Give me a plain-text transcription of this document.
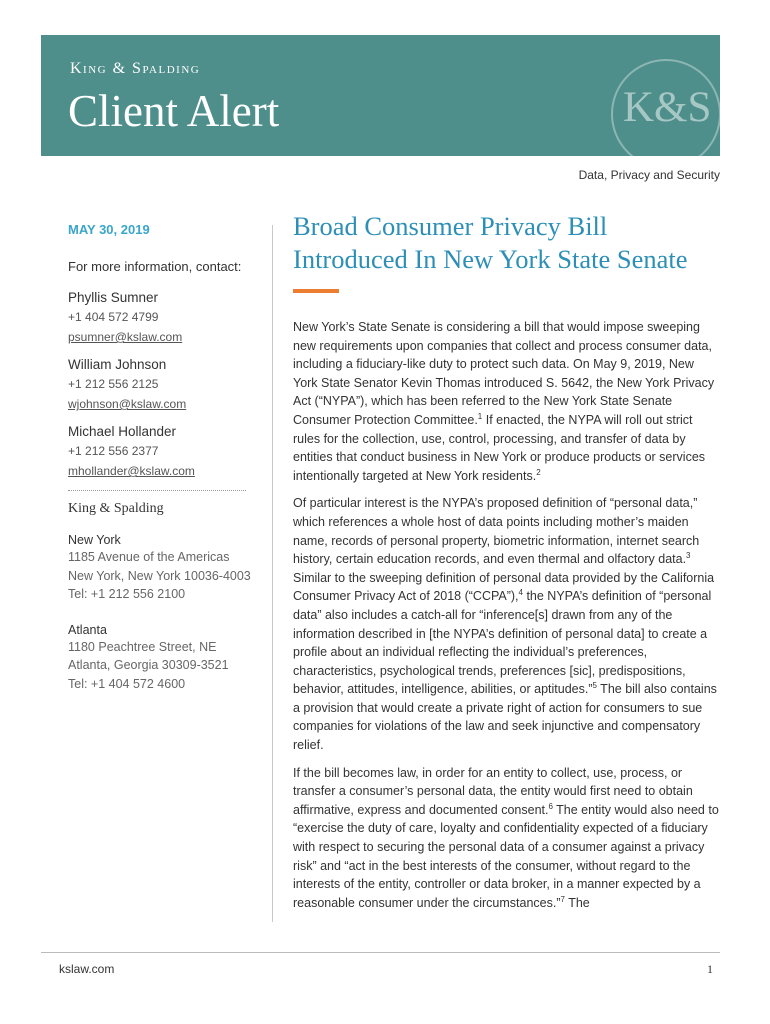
King & Spalding
Client Alert	K&S
Data, Privacy and Security
MAY 30, 2019
For more information, contact:
Phyllis Sumner
+1 404 572 4799
psumner@kslaw.com
William Johnson
+1 212 556 2125
wjohnson@kslaw.com
Michael Hollander
+1 212 556 2377
mhollander@kslaw.com
King & Spalding
New York
1185 Avenue of the Americas
New York, New York 10036-4003
Tel: +1 212 556 2100
Atlanta
1180 Peachtree Street, NE
Atlanta, Georgia 30309-3521
Tel: +1 404 572 4600
Broad Consumer Privacy Bill Introduced In New York State Senate

New York’s State Senate is considering a bill that would impose sweeping new requirements upon companies that collect and process consumer data, including a fiduciary-like duty to protect such data. On May 9, 2019, New York State Senator Kevin Thomas introduced S. 5642, the New York Privacy Act (“NYPA”), which has been referred to the New York State Senate Consumer Protection Committee.$^1$ If enacted, the NYPA will roll out strict rules for the collection, use, control, processing, and transfer of data by entities that conduct business in New York or produce products or services intentionally targeted at New York residents.$^2$

Of particular interest is the NYPA’s proposed definition of “personal data,” which references a whole host of data points including mother’s maiden name, records of personal property, biometric information, internet search history, certain education records, and even thermal and olfactory data.$^3$ Similar to the sweeping definition of personal data provided by the California Consumer Privacy Act of 2018 (“CCPA”),$^4$ the NYPA’s definition of “personal data” also includes a catch-all for “inference[s] drawn from any of the information described in [the NYPA’s definition of personal data] to create a profile about an individual reflecting the individual’s preferences, characteristics, psychological trends, preferences [sic], predispositions, behavior, attitudes, intelligence, abilities, or aptitudes.”$^5$ The bill also contains a provision that would create a private right of action for consumers to sue companies for violations of the law and seek injunctive and compensatory relief.

If the bill becomes law, in order for an entity to collect, use, process, or transfer a consumer’s personal data, the entity would first need to obtain affirmative, express and documented consent.$^6$ The entity would also need to “exercise the duty of care, loyalty and confidentiality expected of a fiduciary with respect to securing the personal data of a consumer against a privacy risk” and “act in the best interests of the consumer, without regard to the interests of the entity, controller or data broker, in a manner expected by a reasonable consumer under the circumstances.”$^7$ The

kslaw.com	1
